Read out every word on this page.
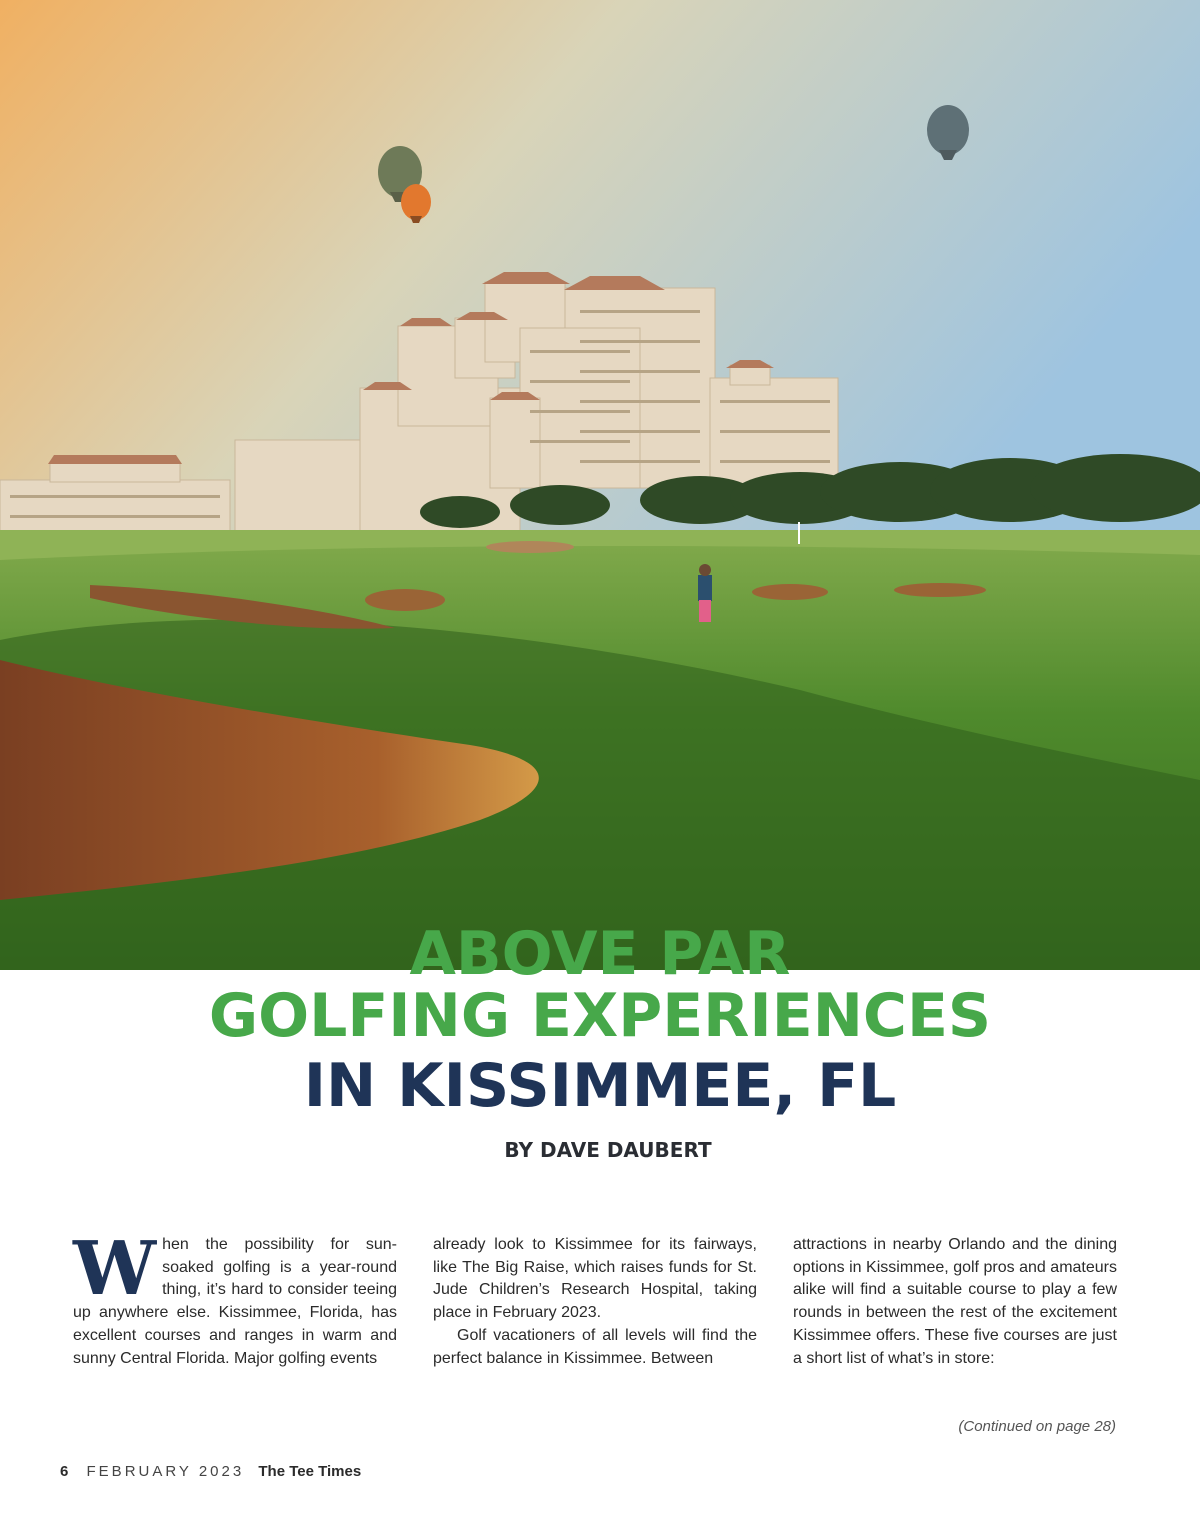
ABOVE PAR
GOLFING EXPERIENCES
IN KISSIMMEE, FL
BY DAVE DAUBERT

When the possibility for sun-soaked golfing is a year-round thing, it’s hard to consider teeing up anywhere else. Kissimmee, Florida, has excellent courses and ranges in warm and sunny Central Florida. Major golfing events

already look to Kissimmee for its fairways, like The Big Raise, which raises funds for St. Jude Children’s Research Hospital, taking place in February 2023.

Golf vacationers of all levels will find the perfect balance in Kissimmee. Between

attractions in nearby Orlando and the dining options in Kissimmee, golf pros and amateurs alike will find a suitable course to play a few rounds in between the rest of the excitement Kissimmee offers. These five courses are just a short list of what’s in store:

(Continued on page 28)
6 FEBRUARY 2023 The Tee Times
